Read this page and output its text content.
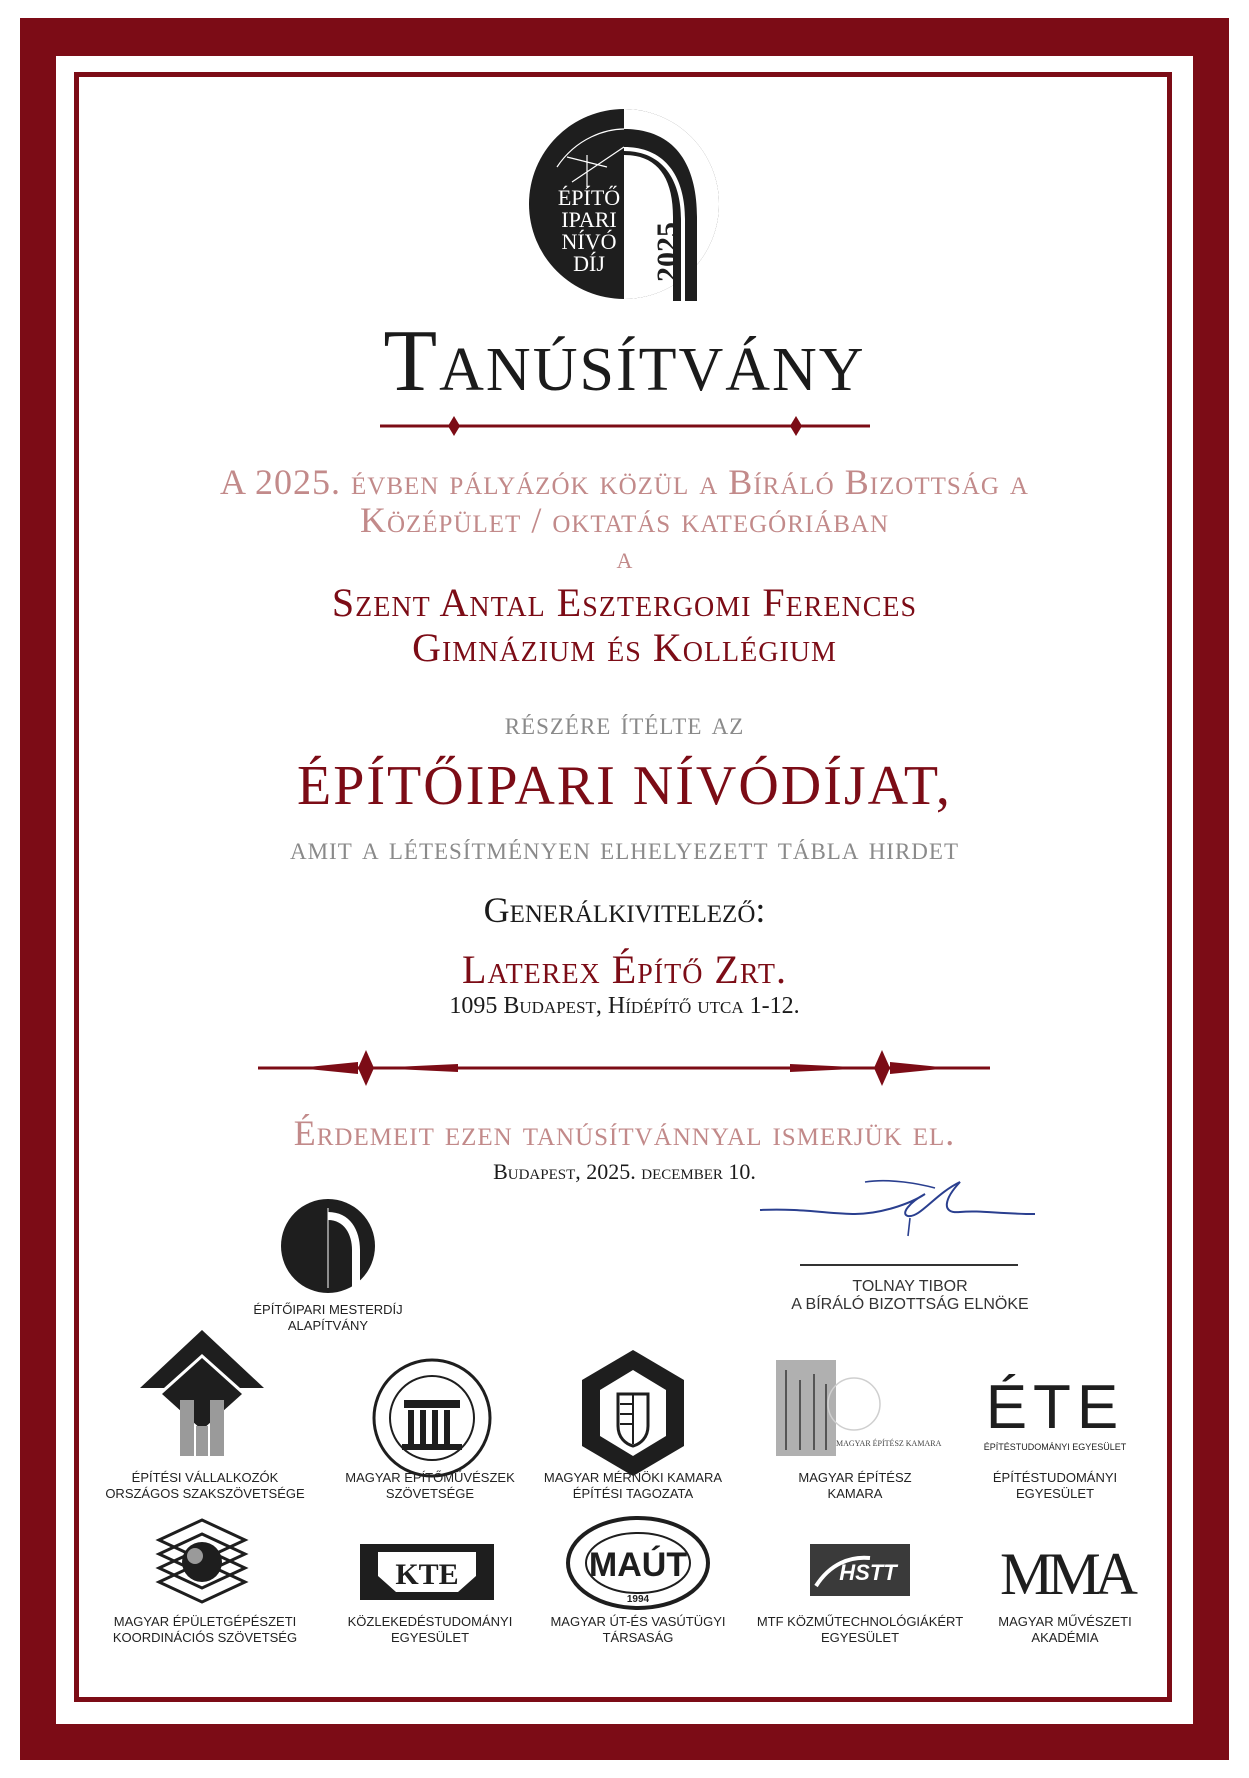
2025
ÉPÍTŐ
IPARI
NÍVÓ
DÍJ
Tanúsítvány
A 2025. évben pályázók közül a Bíráló Bizottság a
Középület / oktatás kategóriában
a
Szent Antal Esztergomi Ferences
Gimnázium és Kollégium
részére ítélte az
ÉPÍTŐIPARI NÍVÓDÍJAT,
amit a létesítményen elhelyezett tábla hirdet
Generálkivitelező:
Laterex Építő Zrt.
1095 Budapest, Hídépítő utca 1-12.
Érdemeit ezen tanúsítvánnyal ismerjük el.
Budapest, 2025. december 10.
TOLNAY TIBOR
A BÍRÁLÓ BIZOTTSÁG ELNÖKE
ÉPÍTŐIPARI MESTERDÍJ
ALAPÍTVÁNY
MAGYAR ÉPÍTÉSZ KAMARA
ÉTE
ÉPÍTÉSTUDOMÁNYI EGYESÜLET
ÉPÍTÉSI VÁLLALKOZÓK
ORSZÁGOS SZAKSZÖVETSÉGE
MAGYAR ÉPÍTŐMŰVÉSZEK
SZÖVETSÉGE
MAGYAR MÉRNÖKI KAMARA
ÉPÍTÉSI TAGOZATA
MAGYAR ÉPÍTÉSZ
KAMARA
ÉPÍTÉSTUDOMÁNYI
EGYESÜLET
KTE	MAÚT
1994
HSTT MMA
MAGYAR ÉPÜLETGÉPÉSZETI
KOORDINÁCIÓS SZÖVETSÉG
KÖZLEKEDÉSTUDOMÁNYI
EGYESÜLET
MAGYAR ÚT-ÉS VASÚTÜGYI
TÁRSASÁG
MTF KÖZMŰTECHNOLÓGIÁKÉRT
EGYESÜLET
MAGYAR MŰVÉSZETI
AKADÉMIA
